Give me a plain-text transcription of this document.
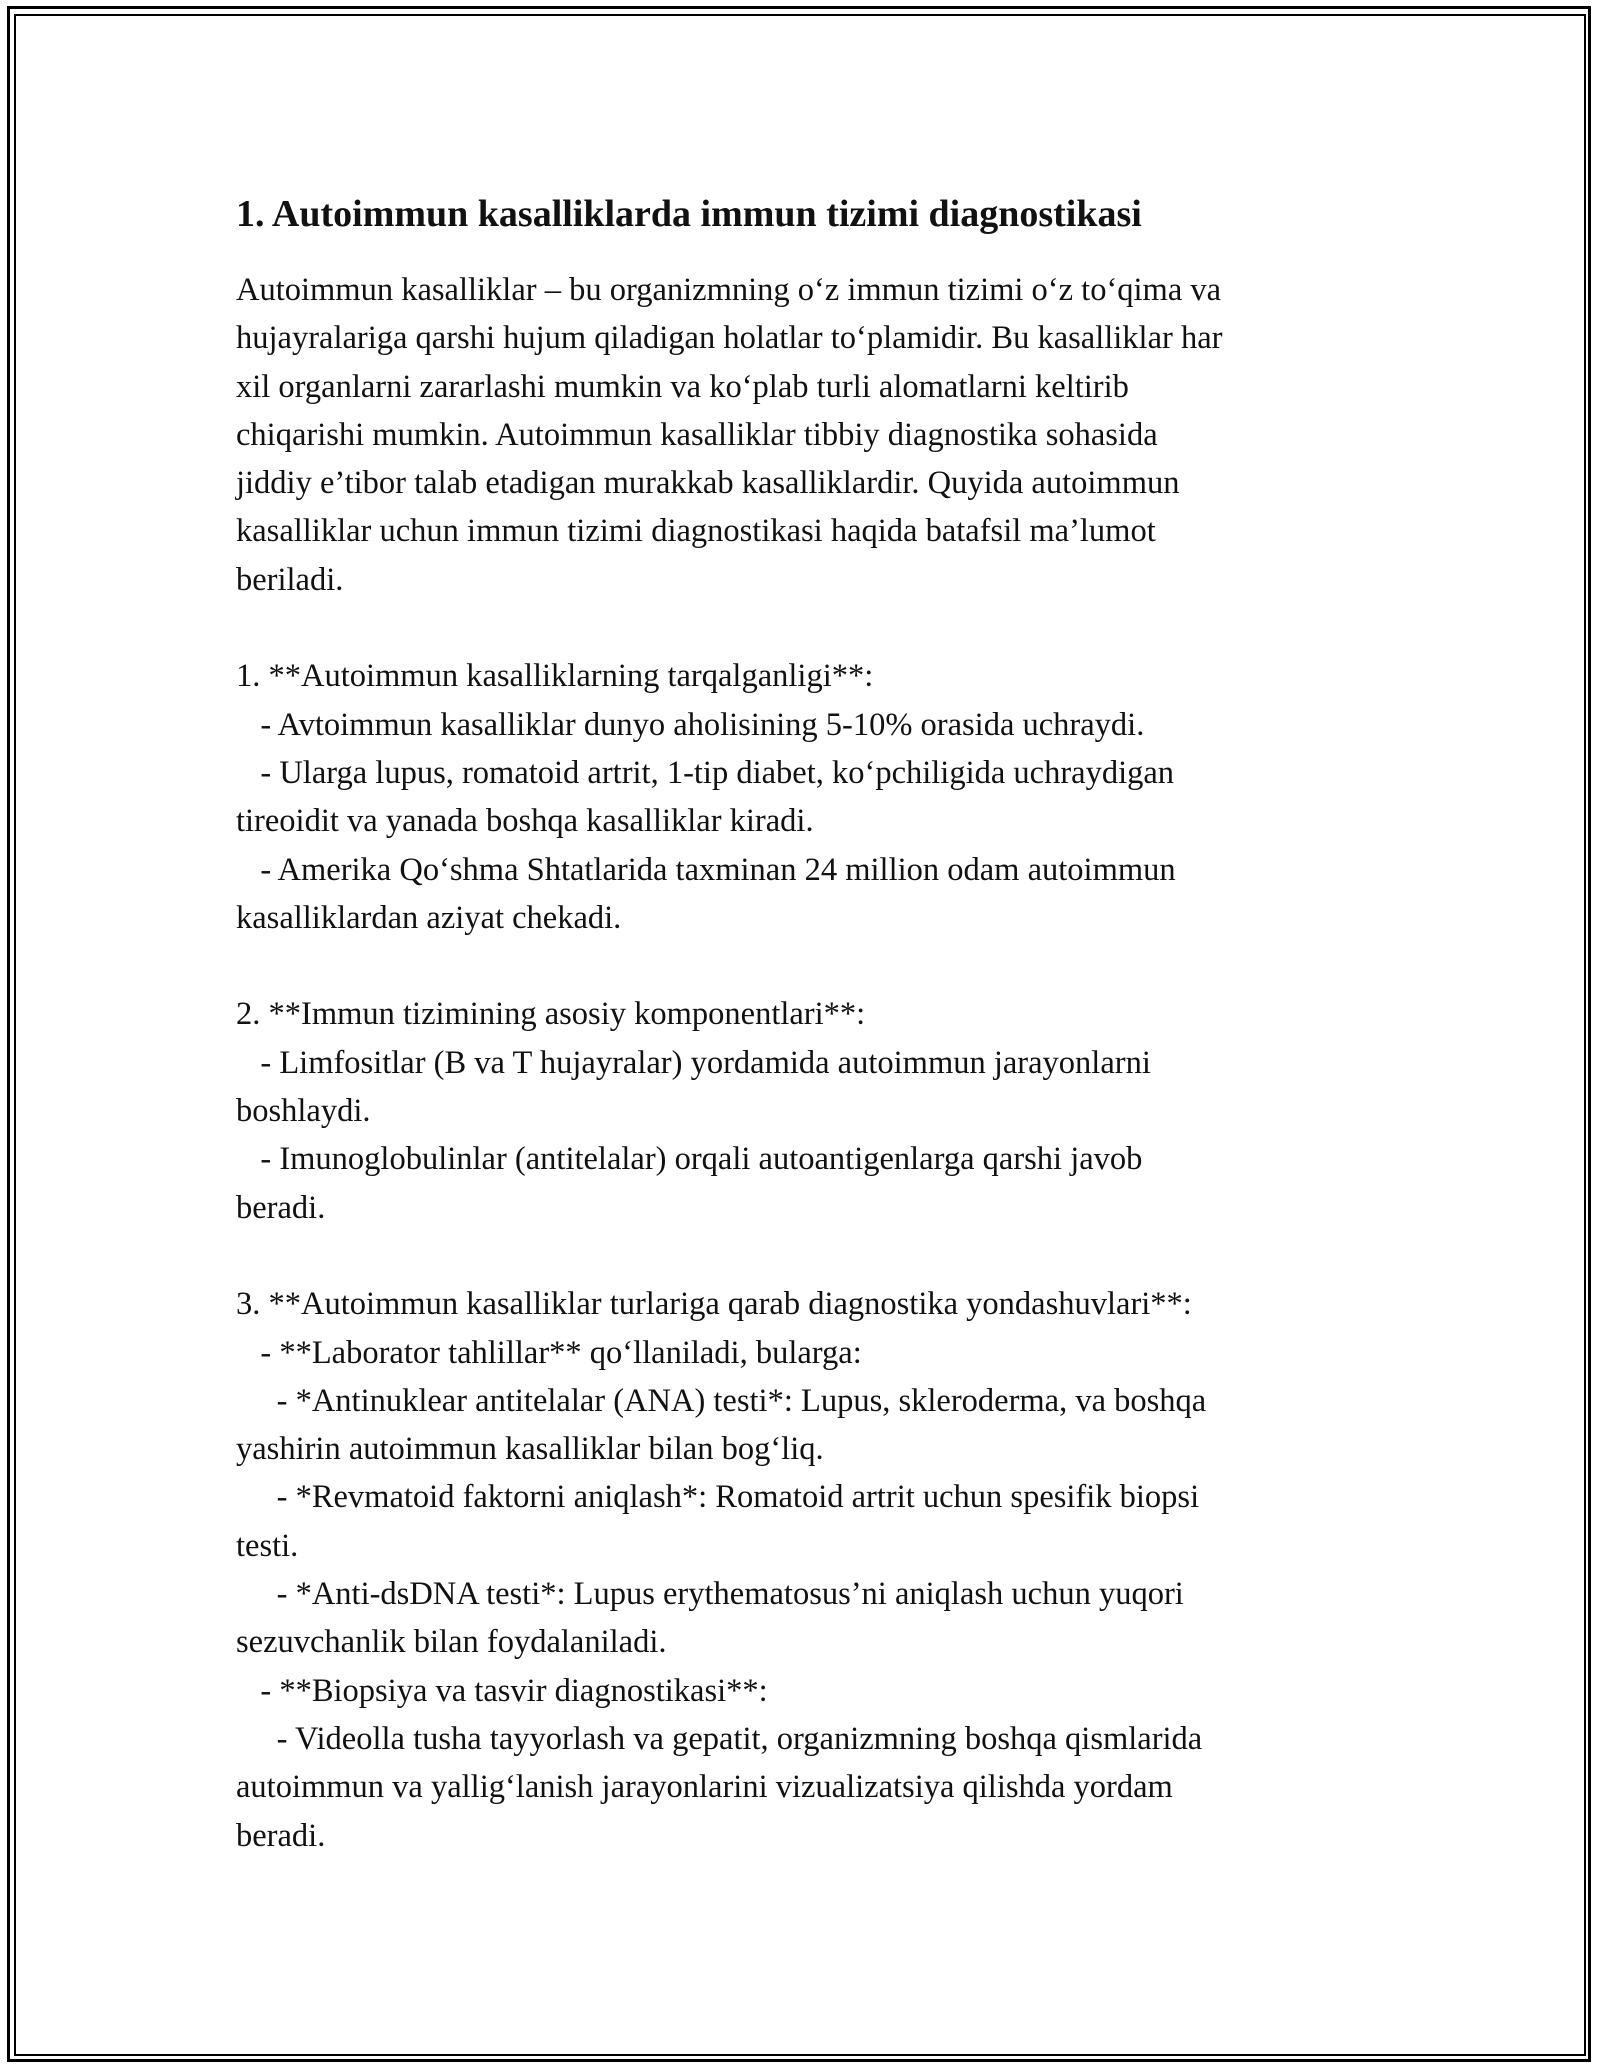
1. Autoimmun kasalliklarda immun tizimi diagnostikasi
Autoimmun kasalliklar – bu organizmning o‘z immun tizimi o‘z to‘qima va
hujayralariga qarshi hujum qiladigan holatlar to‘plamidir. Bu kasalliklar har
xil organlarni zararlashi mumkin va ko‘plab turli alomatlarni keltirib
chiqarishi mumkin. Autoimmun kasalliklar tibbiy diagnostika sohasida
jiddiy e’tibor talab etadigan murakkab kasalliklardir. Quyida autoimmun
kasalliklar uchun immun tizimi diagnostikasi haqida batafsil ma’lumot
beriladi.
1. **Autoimmun kasalliklarning tarqalganligi**:
- Avtoimmun kasalliklar dunyo aholisining 5-10% orasida uchraydi.
- Ularga lupus, romatoid artrit, 1-tip diabet, ko‘pchiligida uchraydigan
tireoidit va yanada boshqa kasalliklar kiradi.
- Amerika Qo‘shma Shtatlarida taxminan 24 million odam autoimmun
kasalliklardan aziyat chekadi.
2. **Immun tizimining asosiy komponentlari**:
- Limfositlar (B va T hujayralar) yordamida autoimmun jarayonlarni
boshlaydi.
- Imunoglobulinlar (antitelalar) orqali autoantigenlarga qarshi javob
beradi.
3. **Autoimmun kasalliklar turlariga qarab diagnostika yondashuvlari**:
- **Laborator tahlillar** qo‘llaniladi, bularga:
- *Antinuklear antitelalar (ANA) testi*: Lupus, skleroderma, va boshqa
yashirin autoimmun kasalliklar bilan bog‘liq.
- *Revmatoid faktorni aniqlash*: Romatoid artrit uchun spesifik biopsi
testi.
- *Anti-dsDNA testi*: Lupus erythematosus’ni aniqlash uchun yuqori
sezuvchanlik bilan foydalaniladi.
- **Biopsiya va tasvir diagnostikasi**:
- Videolla tusha tayyorlash va gepatit, organizmning boshqa qismlarida
autoimmun va yallig‘lanish jarayonlarini vizualizatsiya qilishda yordam
beradi.
